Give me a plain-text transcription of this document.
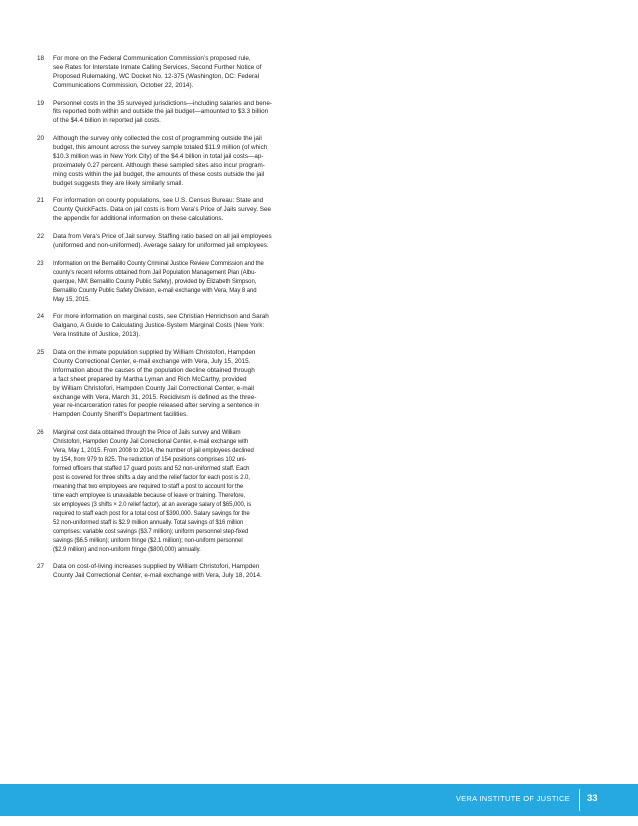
18 For more on the Federal Communication Commission’s proposed rule,
see Rates for Interstate Inmate Calling Services, Second Further Notice of
Proposed Rulemaking, WC Docket No. 12-375 (Washington, DC: Federal
Communications Commission, October 22, 2014).
19 Personnel costs in the 35 surveyed jurisdictions—including salaries and bene-
fits reported both within and outside the jail budget—amounted to $3.3 billion
of the $4.4 billion in reported jail costs.
20 Although the survey only collected the cost of programming outside the jail
budget, this amount across the survey sample totaled $11.9 million (of which
$10.3 million was in New York City) of the $4.4 billion in total jail costs—ap-
proximately 0.27 percent. Although these sampled sites also incur program-
ming costs within the jail budget, the amounts of these costs outside the jail
budget suggests they are likely similarly small.
21 For information on county populations, see U.S. Census Bureau: State and
County QuickFacts. Data on jail costs is from Vera’s Price of Jails survey. See
the appendix for additional information on these calculations.
22 Data from Vera’s Price of Jail survey. Staffing ratio based on all jail employees
(uniformed and non-uniformed). Average salary for uniformed jail employees.
23 Information on the Bernalillo County Criminal Justice Review Commission and the
county’s recent reforms obtained from Jail Population Management Plan (Albu-
querque, NM: Bernalillo County Public Safety), provided by Elizabeth Simpson,
Bernalillo County Public Safety Division, e-mail exchange with Vera, May 8 and
May 15, 2015.
24 For more information on marginal costs, see Christian Henrichson and Sarah
Galgano, A Guide to Calculating Justice-System Marginal Costs (New York:
Vera Institute of Justice, 2013).
25 Data on the inmate population supplied by William Christofori, Hampden
County Correctional Center, e-mail exchange with Vera, July 15, 2015.
Information about the causes of the population decline obtained through
a fact sheet prepared by Martha Lyman and Rich McCarthy, provided
by William Christofori, Hampden County Jail Correctional Center, e-mail
exchange with Vera, March 31, 2015. Recidivism is defined as the three-
year re-incarceration rates for people released after serving a sentence in
Hampden County Sheriff’s Department facilities.
26 Marginal cost data obtained through the Price of Jails survey and William
Christofori, Hampden County Jail Correctional Center, e-mail exchange with
Vera, May 1, 2015. From 2008 to 2014, the number of jail employees declined
by 154, from 979 to 825. The reduction of 154 positions comprises 102 uni-
formed officers that staffed 17 guard posts and 52 non-uniformed staff. Each
post is covered for three shifts a day and the relief factor for each post is 2.0,
meaning that two employees are required to staff a post to account for the
time each employee is unavailable because of leave or training. Therefore,
six employees (3 shifts × 2.0 relief factor), at an average salary of $65,000, is
required to staff each post for a total cost of $390,000. Salary savings for the
52 non-uniformed staff is $2.9 million annually. Total savings of $16 million
comprises: variable cost savings ($3.7 million); uniform personnel step-fixed
savings ($6.5 million); uniform fringe ($2.1 million); non-uniform personnel
($2.9 million) and non-uniform fringe ($800,000) annually.
27 Data on cost-of-living increases supplied by William Christofori, Hampden
County Jail Correctional Center, e-mail exchange with Vera, July 18, 2014.
VERA INSTITUTE OF JUSTICE 33
